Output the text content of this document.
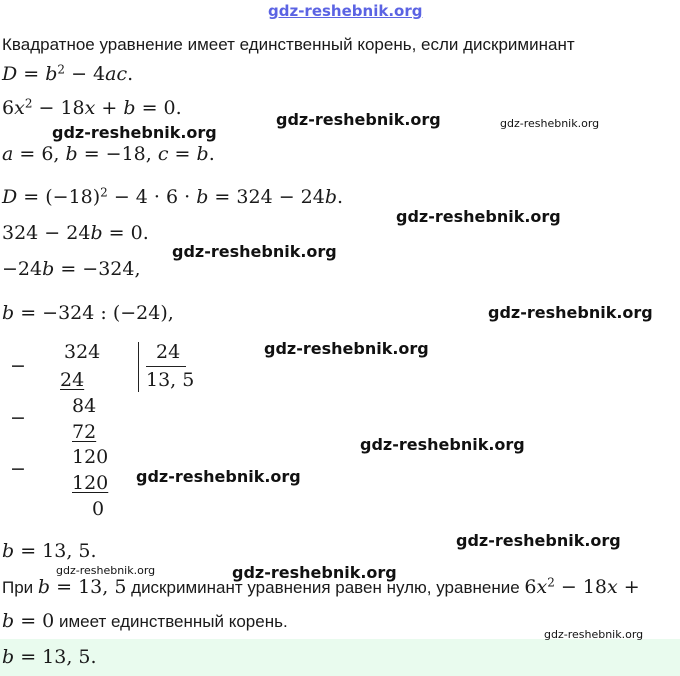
gdz-reshebnik.org
Квадратное уравнение имеет единственный корень, если дискриминант
$D = b^2 - 4ac$.
$6x^2 - 18x + b = 0$.
a = 6, b = −18, c = b.
$D = (-18)^2 - 4 \cdot 6 \cdot b = 324 - 24b$.
324 − 24b = 0.
−24b = −324,
b = −324 : (−24),
−
324	24
13, 5
24
−
84
72
−
120
120
0
b = 13, 5.
При b = 13, 5 дискриминант уравнения равен нулю, уравнение $6x^2 - 18x$ +
b = 0 имеет единственный корень.
b = 13, 5.
gdz-reshebnik.org
gdz-reshebnik.org	gdz-reshebnik.org
gdz-reshebnik.org
gdz-reshebnik.org
gdz-reshebnik.org
gdz-reshebnik.org
gdz-reshebnik.org
gdz-reshebnik.org
gdz-reshebnik.org
gdz-reshebnik.org	gdz-reshebnik.org
gdz-reshebnik.org
